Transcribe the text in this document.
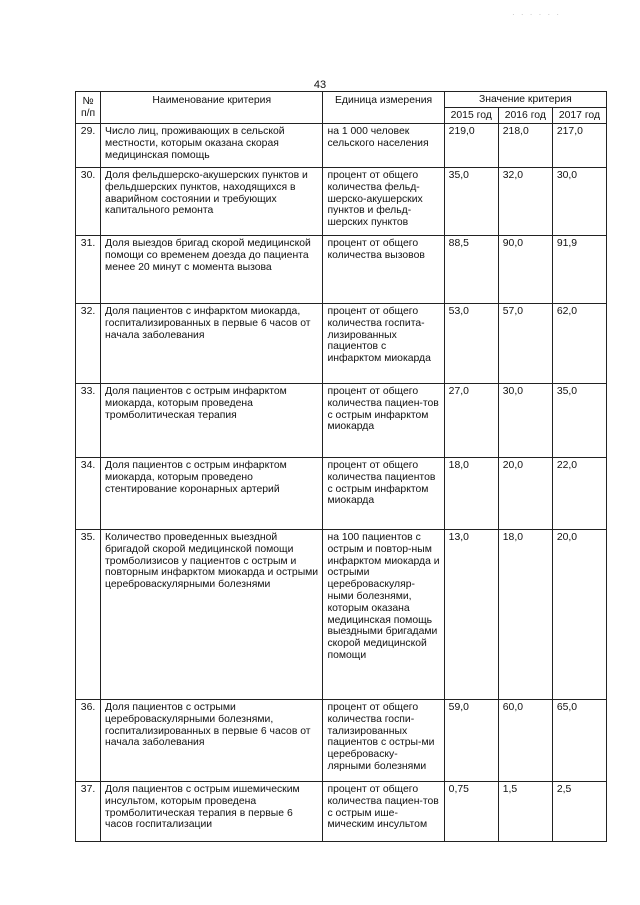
· · · · · ·
43
№
п/п	Наименование критерия	Единица измерения	Значение критерия		
			2015 год	2016 год	2017 год
29.	Число лиц, проживающих в сельской местности, которым оказана скорая медицинская помощь	на 1 000 человек сельского населения	219,0	218,0	217,0
30.	Доля фельдшерско-акушерских пунктов и фельдшерских пунктов, находящихся в аварийном состоянии и требующих капитального ремонта	процент от общего количества фельд-шерско-акушерских пунктов и фельд-шерских пунктов	35,0	32,0	30,0
31.	Доля выездов бригад скорой медицинской помощи со временем доезда до пациента менее 20 минут с момента вызова	процент от общего количества вызовов	88,5	90,0	91,9
32.	Доля пациентов с инфарктом миокарда, госпитализированных в первые 6 часов от начала заболевания	процент от общего количества госпита-лизированных пациентов с инфарктом миокарда	53,0	57,0	62,0
33.	Доля пациентов с острым инфарктом миокарда, которым проведена тромболитическая терапия	процент от общего количества пациен-тов с острым инфарктом миокарда	27,0	30,0	35,0
34.	Доля пациентов с острым инфарктом миокарда, которым проведено стентирование коронарных артерий	процент от общего количества пациентов с острым инфарктом миокарда	18,0	20,0	22,0
35.	Количество проведенных выездной бригадой скорой медицинской помощи тромболизисов у пациентов с острым и повторным инфарктом миокарда и острыми цереброваскулярными болезнями	на 100 пациентов с острым и повтор-ным инфарктом миокарда и острыми цереброваскуляр-ными болезнями, которым оказана медицинская помощь выездными бригадами скорой медицинской помощи	13,0	18,0	20,0
36.	Доля пациентов с острыми цереброваскулярными болезнями, госпитализированных в первые 6 часов от начала заболевания	процент от общего количества госпи-тализированных пациентов с остры-ми цереброваску-лярными болезнями	59,0	60,0	65,0
37.	Доля пациентов с острым ишемическим инсультом, которым проведена тромболитическая терапия в первые 6 часов госпитализации	процент от общего количества пациен-тов с острым ише-мическим инсультом	0,75	1,5	2,5
